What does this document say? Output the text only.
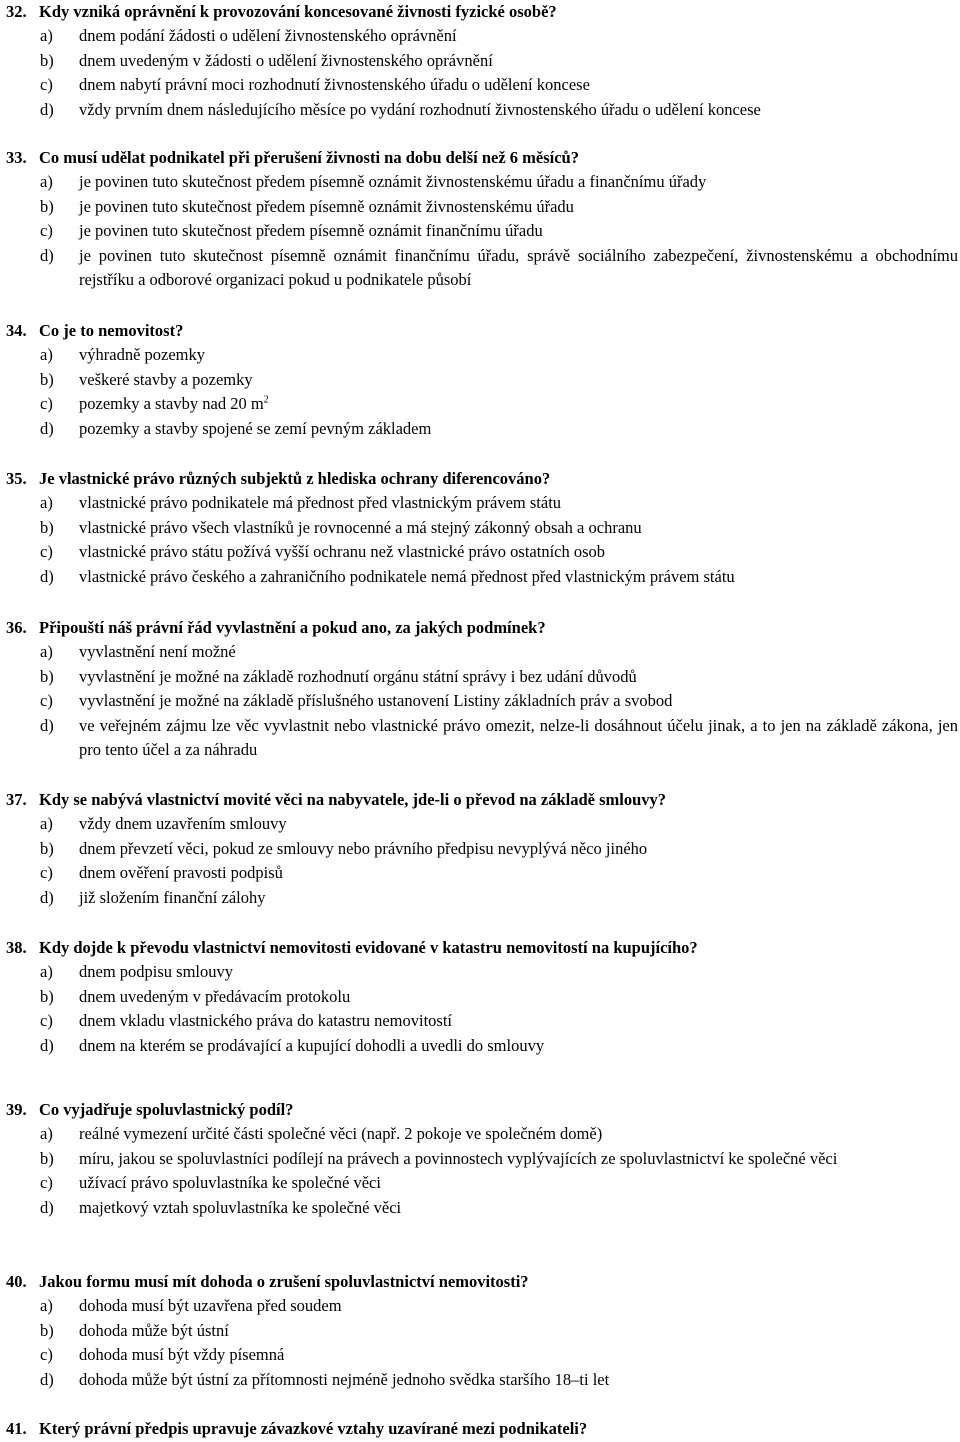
32. Kdy vzniká oprávnění k provozování koncesované živnosti fyzické osobě?
a) dnem podání žádosti o udělení živnostenského oprávnění
b) dnem uvedeným v žádosti o udělení živnostenského oprávnění
c) dnem nabytí právní moci rozhodnutí živnostenského úřadu o udělení koncese
d) vždy prvním dnem následujícího měsíce po vydání rozhodnutí živnostenského úřadu o udělení koncese
33. Co musí udělat podnikatel při přerušení živnosti na dobu delší než 6 měsíců?
a) je povinen tuto skutečnost předem písemně oznámit živnostenskému úřadu a finančnímu úřady
b) je povinen tuto skutečnost předem písemně oznámit živnostenskému úřadu
c) je povinen tuto skutečnost předem písemně oznámit finančnímu úřadu
d) je povinen tuto skutečnost písemně oznámit finančnímu úřadu, správě sociálního zabezpečení, živnostenskému a obchodnímu rejstříku a odborové organizaci pokud u podnikatele působí
34. Co je to nemovitost?
a) výhradně pozemky
b) veškeré stavby a pozemky
c) pozemky a stavby nad 20 $m^2$
d) pozemky a stavby spojené se zemí pevným základem
35. Je vlastnické právo různých subjektů z hlediska ochrany diferencováno?
a) vlastnické právo podnikatele má přednost před vlastnickým právem státu
b) vlastnické právo všech vlastníků je rovnocenné a má stejný zákonný obsah a ochranu
c) vlastnické právo státu požívá vyšší ochranu než vlastnické právo ostatních osob
d) vlastnické právo českého a zahraničního podnikatele nemá přednost před vlastnickým právem státu
36. Připouští náš právní řád vyvlastnění a pokud ano, za jakých podmínek?
a) vyvlastnění není možné
b) vyvlastnění je možné na základě rozhodnutí orgánu státní správy i bez udání důvodů
c) vyvlastnění je možné na základě příslušného ustanovení Listiny základních práv a svobod
d) ve veřejném zájmu lze věc vyvlastnit nebo vlastnické právo omezit, nelze-li dosáhnout účelu jinak, a to jen na základě zákona, jen pro tento účel a za náhradu
37. Kdy se nabývá vlastnictví movité věci na nabyvatele, jde-li o převod na základě smlouvy?
a) vždy dnem uzavřením smlouvy
b) dnem převzetí věci, pokud ze smlouvy nebo právního předpisu nevyplývá něco jiného
c) dnem ověření pravosti podpisů
d) již složením finanční zálohy
38. Kdy dojde k převodu vlastnictví nemovitosti evidované v katastru nemovitostí na kupujícího?
a) dnem podpisu smlouvy
b) dnem uvedeným v předávacím protokolu
c) dnem vkladu vlastnického práva do katastru nemovitostí
d) dnem na kterém se prodávající a kupující dohodli a uvedli do smlouvy
39. Co vyjadřuje spoluvlastnický podíl?
a) reálné vymezení určité části společné věci (např. 2 pokoje ve společném domě)
b) míru, jakou se spoluvlastníci podílejí na právech a povinnostech vyplývajících ze spoluvlastnictví ke společné věci
c) užívací právo spoluvlastníka ke společné věci
d) majetkový vztah spoluvlastníka ke společné věci
40. Jakou formu musí mít dohoda o zrušení spoluvlastnictví nemovitosti?
a) dohoda musí být uzavřena před soudem
b) dohoda může být ústní
c) dohoda musí být vždy písemná
d) dohoda může být ústní za přítomnosti nejméně jednoho svědka staršího 18–ti let
41. Který právní předpis upravuje závazkové vztahy uzavírané mezi podnikateli?
